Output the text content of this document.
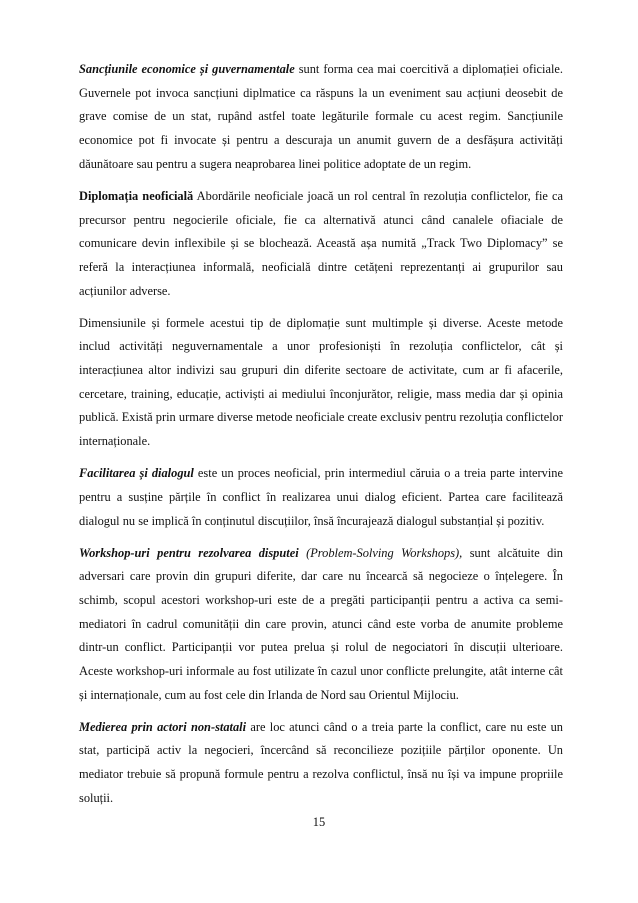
Sancțiunile economice și guvernamentale sunt forma cea mai coercitivă a diplomației oficiale. Guvernele pot invoca sancțiuni diplmatice ca răspuns la un eveniment sau acțiuni deosebit de grave comise de un stat, rupând astfel toate legăturile formale cu acest regim. Sancțiunile economice pot fi invocate și pentru a descuraja un anumit guvern de a desfășura activități dăunătoare sau pentru a sugera neaprobarea linei politice adoptate de un regim.

Diplomația neoficială Abordările neoficiale joacă un rol central în rezoluția conflictelor, fie ca precursor pentru negocierile oficiale, fie ca alternativă atunci când canalele ofiaciale de comunicare devin inflexibile și se blochează. Această așa numită „Track Two Diplomacy” se referă la interacțiunea informală, neoficială dintre cetățeni reprezentanți ai grupurilor sau acțiunilor adverse.

Dimensiunile și formele acestui tip de diplomație sunt multimple și diverse. Aceste metode includ activități neguvernamentale a unor profesioniști în rezoluția conflictelor, cât și interacțiunea altor indivizi sau grupuri din diferite sectoare de activitate, cum ar fi afacerile, cercetare, training, educație, activiști ai mediului înconjurător, religie, mass media dar și opinia publică. Există prin urmare diverse metode neoficiale create exclusiv pentru rezoluția conflictelor internaționale.

Facilitarea și dialogul este un proces neoficial, prin intermediul căruia o a treia parte intervine pentru a susține părțile în conflict în realizarea unui dialog eficient. Partea care facilitează dialogul nu se implică în conținutul discuțiilor, însă încurajează dialogul substanțial și pozitiv.

Workshop-uri pentru rezolvarea disputei (Problem-Solving Workshops), sunt alcătuite din adversari care provin din grupuri diferite, dar care nu încearcă să negocieze o înțelegere. În schimb, scopul acestori workshop-uri este de a pregăti participanții pentru a activa ca semi-mediatori în cadrul comunității din care provin, atunci când este vorba de anumite probleme dintr-un conflict. Participanții vor putea prelua și rolul de negociatori în discuții ulterioare. Aceste workshop-uri informale au fost utilizate în cazul unor conflicte prelungite, atât interne cât și internaționale, cum au fost cele din Irlanda de Nord sau Orientul Mijlociu.

Medierea prin actori non-statali are loc atunci când o a treia parte la conflict, care nu este un stat, participă activ la negocieri, încercând să reconcilieze pozițiile părților oponente. Un mediator trebuie să propună formule pentru a rezolva conflictul, însă nu își va impune propriile soluții.

15
